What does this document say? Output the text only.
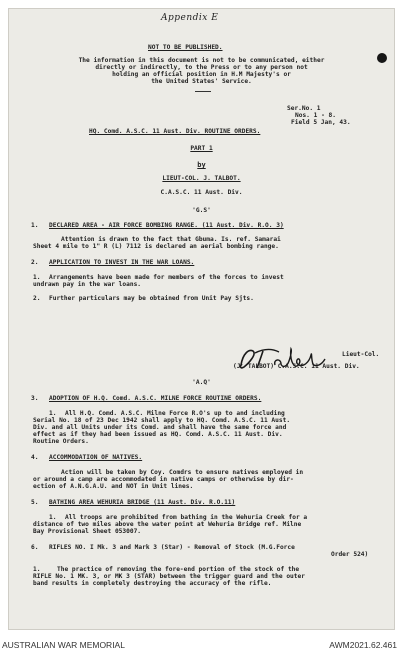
Appendix E
NOT TO BE PUBLISHED.
The information in this document is not to be communicated, either
directly or indirectly, to the Press or to any person not
holding an official position in H.M Majesty's or
the United States' Service.
Ser.No. 1
Nos. 1 - 8.
Field 5 Jan, 43.
HQ. Comd. A.S.C. 11 Aust. Div. ROUTINE ORDERS.
PART 1
by
LIEUT-COL. J. TALBOT.
C.A.S.C. 11 Aust. Div.
'G.S'
1. DECLARED AREA - AIR FORCE BOMBING RANGE. (11 Aust. Div. R.O. 3)
Attention is drawn to the fact that Gbuma. Is. ref. Samarai
Sheet 4 mile to 1" R (L) 7112 is declared an aerial bombing range.
2. APPLICATION TO INVEST IN THE WAR LOANS.
1. Arrangements have been made for members of the forces to invest
undrawn pay in the war loans.
2. Further particulars may be obtained from Unit Pay Sjts.
Lieut-Col.
(J. TALBOT) C.A.S.C. 11 Aust. Div.
'A.Q'
3. ADOPTION OF H.Q. Comd. A.S.C. MILNE FORCE ROUTINE ORDERS.
1. All H.Q. Comd. A.S.C. Milne Force R.O's up to and including
Serial No. 18 of 23 Dec 1942 shall apply to HQ. Comd. A.S.C. 11 Aust.
Div. and all Units under its Comd. and shall have the same force and
effect as if they had been issued as HQ. Comd. A.S.C. 11 Aust. Div.
Routine Orders.
4. ACCOMMODATION OF NATIVES.
Action will be taken by Coy. Comdrs to ensure natives employed in
or around a camp are accommodated in native camps or otherwise by dir-
ection of A.N.G.A.U. and NOT in Unit lines.
5. BATHING AREA WEHURIA BRIDGE (11 Aust. Div. R.O.11)
1. All troops are prohibited from bathing in the Wehuria Creek for a
distance of two miles above the water point at Wehuria Bridge ref. Milne
Bay Provisional Sheet 053007.
6. RIFLES NO. I Mk. 3 and Mark 3 (Star) - Removal of Stock (M.G.Force
Order 524)
1.	The practice of removing the fore-end portion of the stock of the
RIFLE No. 1 MK. 3, or MK 3 (STAR) between the trigger guard and the outer
band results in completely destroying the accuracy of the rifle.
AUSTRALIAN WAR MEMORIAL	AWM2021.62.461
